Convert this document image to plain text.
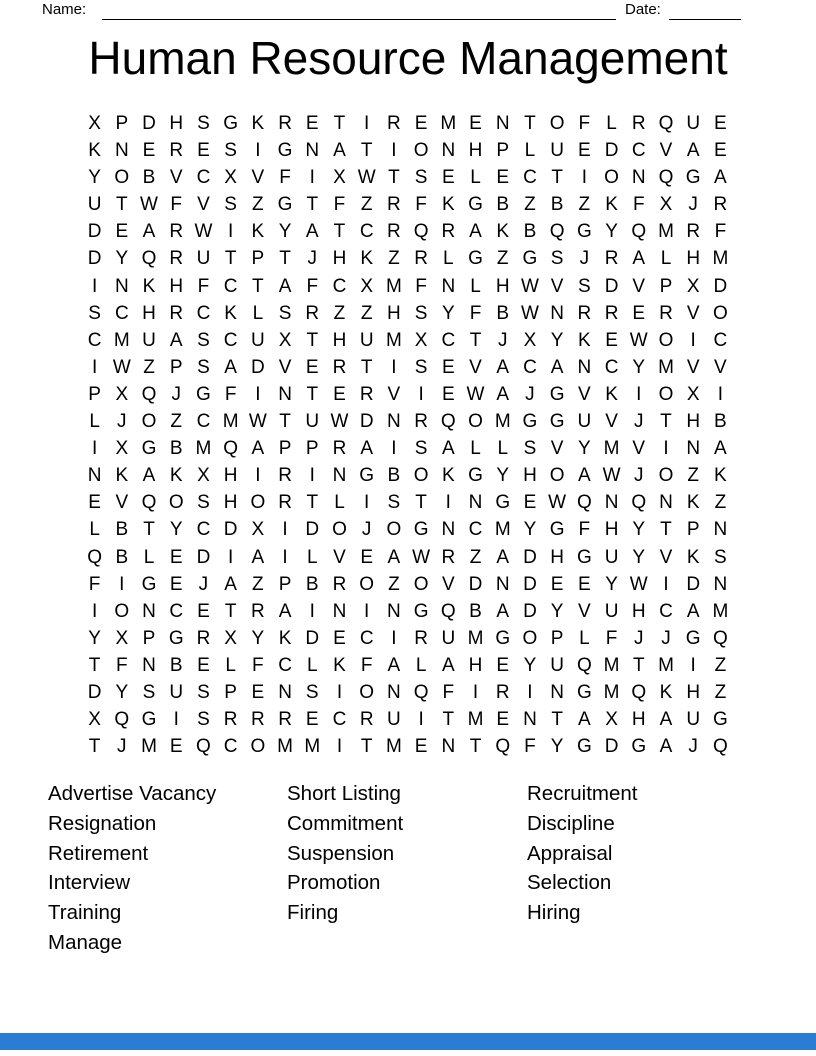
Name:	Date:
Human Resource Management
X P D H S G K R E T I R E M E N T O F L R Q U E
K N E R E S I G N A T I O N H P L U E D C V A E
Y O B V C X V F I X W T S E L E C T I O N Q G A
U T W F V S Z G T F Z R F K G B Z B Z K F X J R
D E A R W I K Y A T C R Q R A K B Q G Y Q M R F
D Y Q R U T P T J H K Z R L G Z G S J R A L H M
I N K H F C T A F C X M F N L H W V S D V P X D
S C H R C K L S R Z Z H S Y F B W N R R E R V O
C M U A S C U X T H U M X C T J X Y K E W O I C
I W Z P S A D V E R T I S E V A C A N C Y M V V
P X Q J G F I N T E R V I E W A J G V K I O X I
L J O Z C M W T U W D N R Q O M G G U V J T H B
I X G B M Q A P P R A I S A L L S V Y M V I N A
N K A K X H I R I N G B O K G Y H O A W J O Z K
E V Q O S H O R T L	I S T I N G E W Q N Q N K Z
L B T Y C D X I D O J O G N C M Y G F H Y T P N
Q B L E D I A I	L V E A W R Z A D H G U Y V K S
F I G E J A Z P B R O Z O V D N D E E Y W I D N
I O N C E T R A I N I N G Q B A D Y V U H C A M
Y X P G R X Y K D E C I R U M G O P L F J J G Q
T F N B E L F C L K F A L A H E Y U Q M T M I Z
D Y S U S P E N S I O N Q F I R I N G M Q K H Z
X Q G I S R R R E C R U I T M E N T A X H A U G
T J M E Q C O M M I T M E N T Q F Y G D G A J Q
Advertise Vacancy
Resignation
Retirement
Interview
Training
Manage
Short Listing
Commitment
Suspension
Promotion
Firing
Recruitment
Discipline
Appraisal
Selection
Hiring
